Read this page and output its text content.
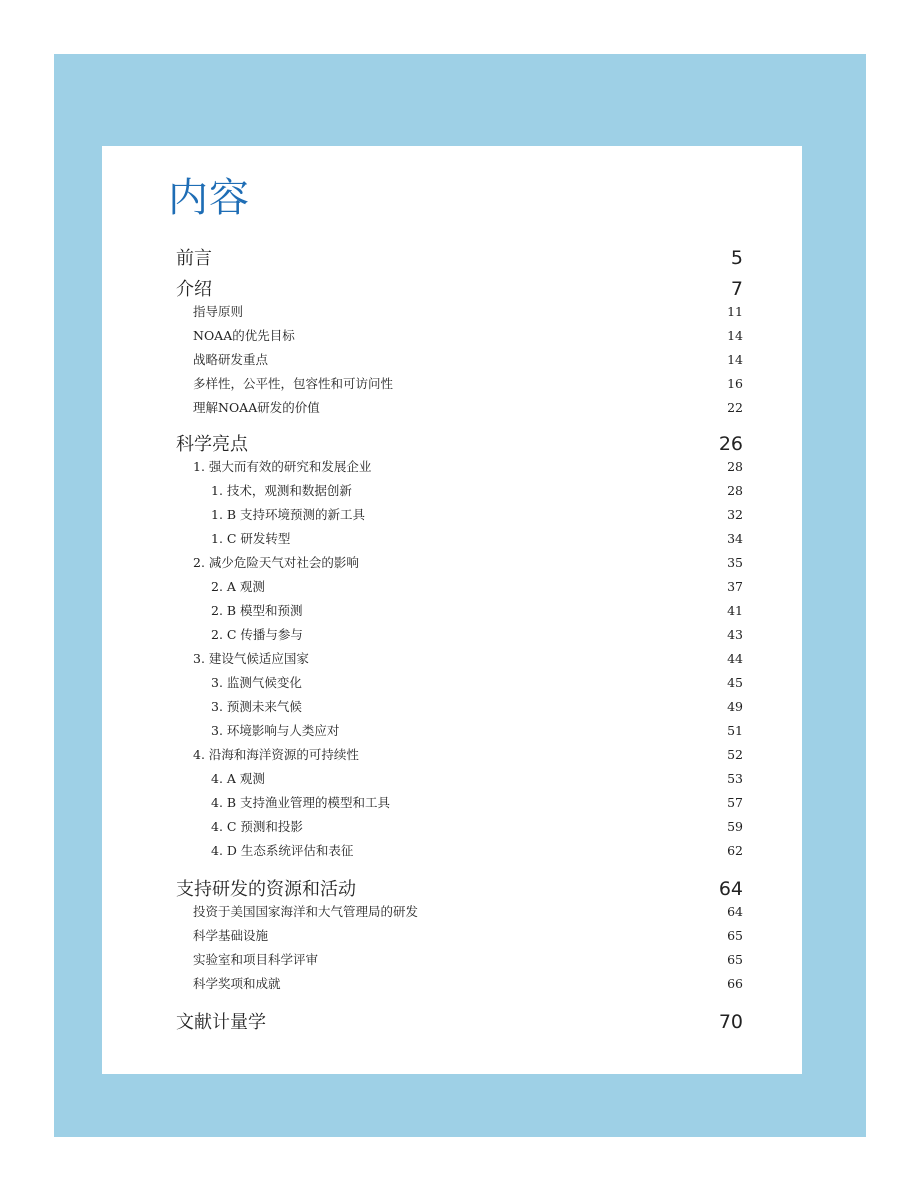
内容
前言	5
介绍	7
指导原则	11
NOAA的优先目标	14
战略研发重点	14
多样性，公平性，包容性和可访问性	16
理解NOAA研发的价值	22
科学亮点	26
1. 强大而有效的研究和发展企业	28
1. 技术，观测和数据创新	28
1. B 支持环境预测的新工具	32
1. C 研发转型	34
2. 减少危险天气对社会的影响	35
2. A 观测	37
2. B 模型和预测	41
2. C 传播与参与	43
3. 建设气候适应国家	44
3. 监测气候变化	45
3. 预测未来气候	49
3. 环境影响与人类应对	51
4. 沿海和海洋资源的可持续性	52
4. A 观测	53
4. B 支持渔业管理的模型和工具	57
4. C 预测和投影	59
4. D 生态系统评估和表征	62
支持研发的资源和活动	64
投资于美国国家海洋和大气管理局的研发	64
科学基础设施	65
实验室和项目科学评审	65
科学奖项和成就	66
文献计量学	70
